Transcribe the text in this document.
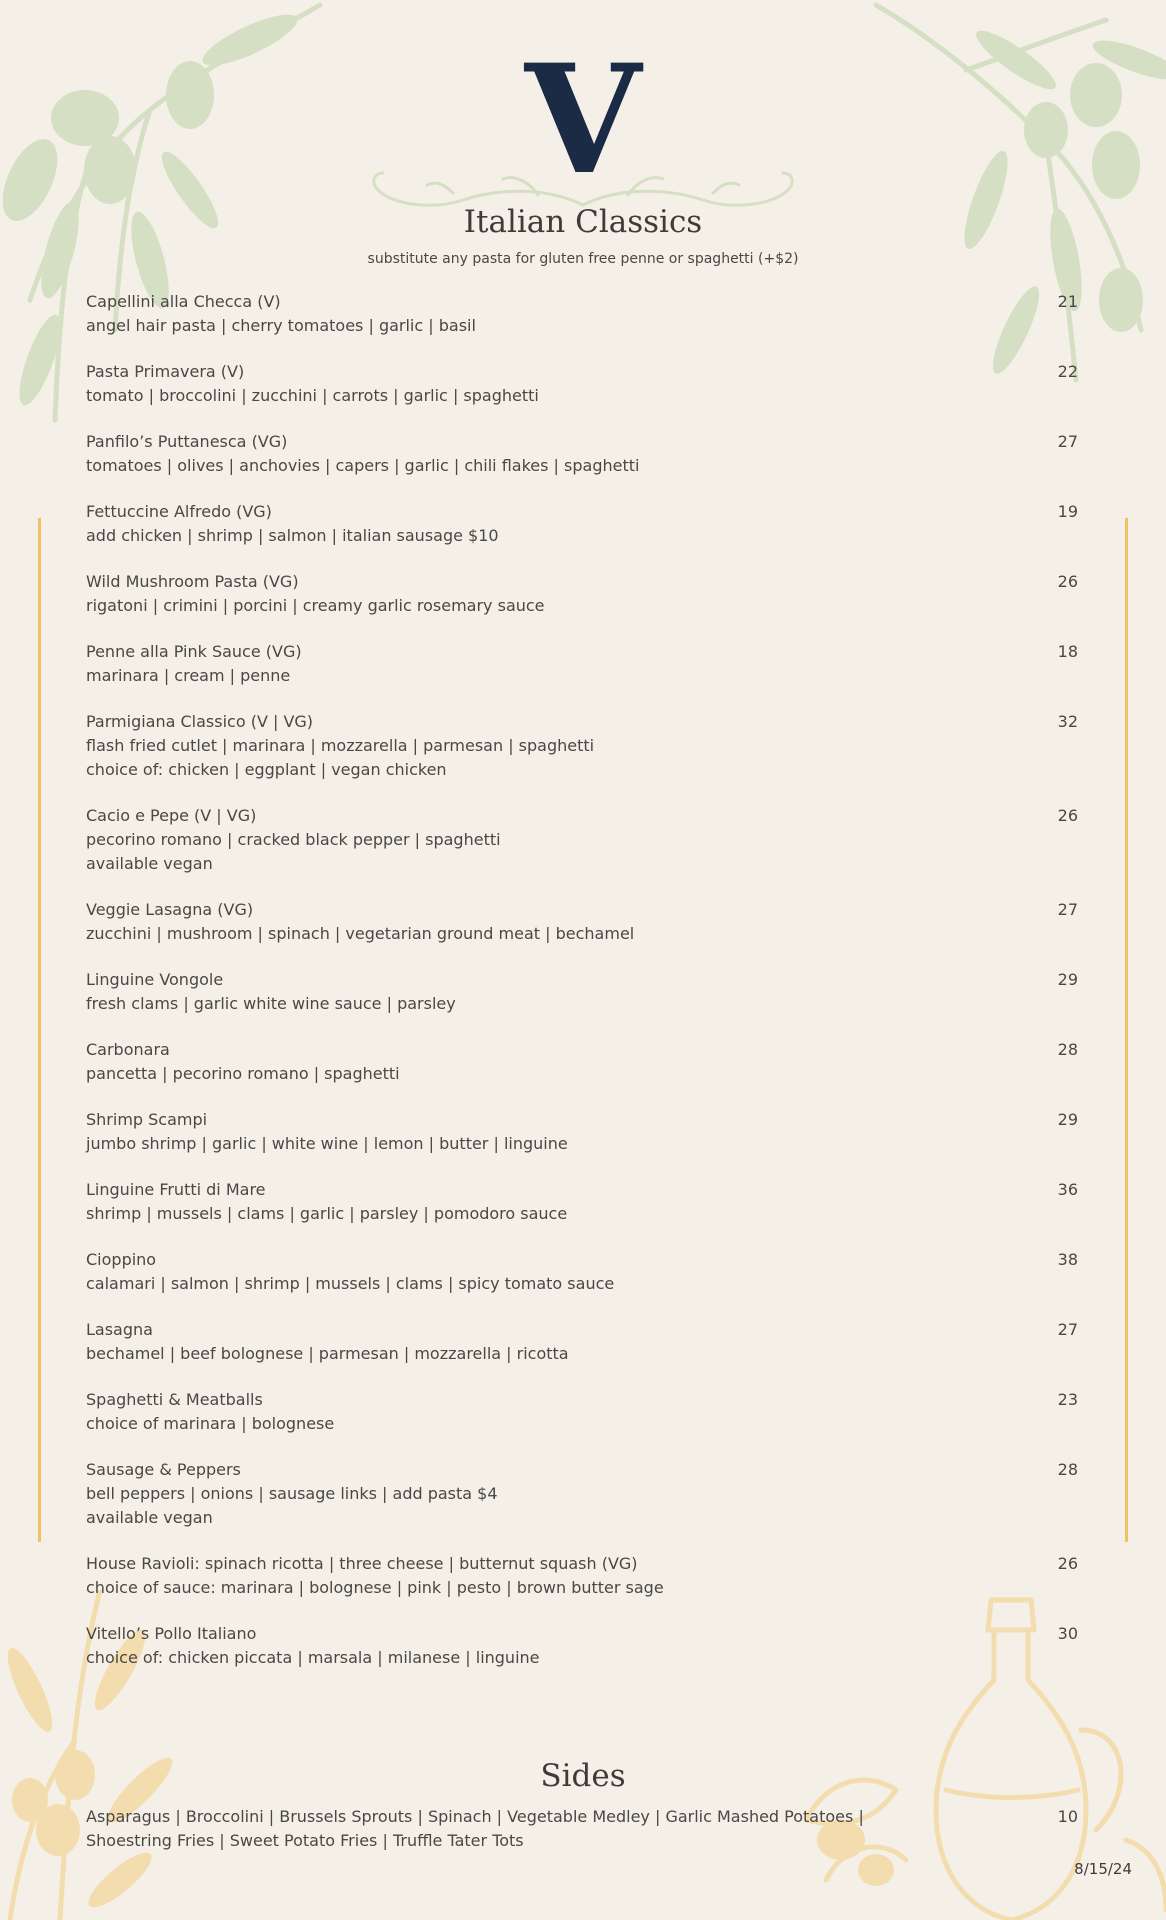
V
Italian Classics
substitute any pasta for gluten free penne or spaghetti (+$2)
Capellini alla Checca (V)
angel hair pasta | cherry tomatoes | garlic | basil
21
Pasta Primavera (V)
tomato | broccolini | zucchini | carrots | garlic | spaghetti
22
Panfilo’s Puttanesca (VG)
tomatoes | olives | anchovies | capers | garlic | chili flakes | spaghetti
27
Fettuccine Alfredo (VG)
add chicken | shrimp | salmon | italian sausage $10
19
Wild Mushroom Pasta (VG)
rigatoni | crimini | porcini | creamy garlic rosemary sauce
26
Penne alla Pink Sauce (VG)
marinara | cream | penne
18
Parmigiana Classico (V | VG)
flash fried cutlet | marinara | mozzarella | parmesan | spaghetti
choice of: chicken | eggplant | vegan chicken
32
Cacio e Pepe (V | VG)
pecorino romano | cracked black pepper | spaghetti
available vegan
26
Veggie Lasagna (VG)
zucchini | mushroom | spinach | vegetarian ground meat | bechamel
27
Linguine Vongole
fresh clams | garlic white wine sauce | parsley
29
Carbonara
pancetta | pecorino romano | spaghetti
28
Shrimp Scampi
jumbo shrimp | garlic | white wine | lemon | butter | linguine
29
Linguine Frutti di Mare
shrimp | mussels | clams | garlic | parsley | pomodoro sauce
36
Cioppino
calamari | salmon | shrimp | mussels | clams | spicy tomato sauce
38
Lasagna
bechamel | beef bolognese | parmesan | mozzarella | ricotta
27
Spaghetti & Meatballs
choice of marinara | bolognese
23
Sausage & Peppers
bell peppers | onions | sausage links | add pasta $4
available vegan
28
House Ravioli: spinach ricotta | three cheese | butternut squash (VG)
choice of sauce: marinara | bolognese | pink | pesto | brown butter sage
26
Vitello’s Pollo Italiano
choice of: chicken piccata | marsala | milanese | linguine
30
Sides
Asparagus | Broccolini | Brussels Sprouts | Spinach | Vegetable Medley | Garlic Mashed Potatoes |
Shoestring Fries | Sweet Potato Fries | Truffle Tater Tots
10
8/15/24
